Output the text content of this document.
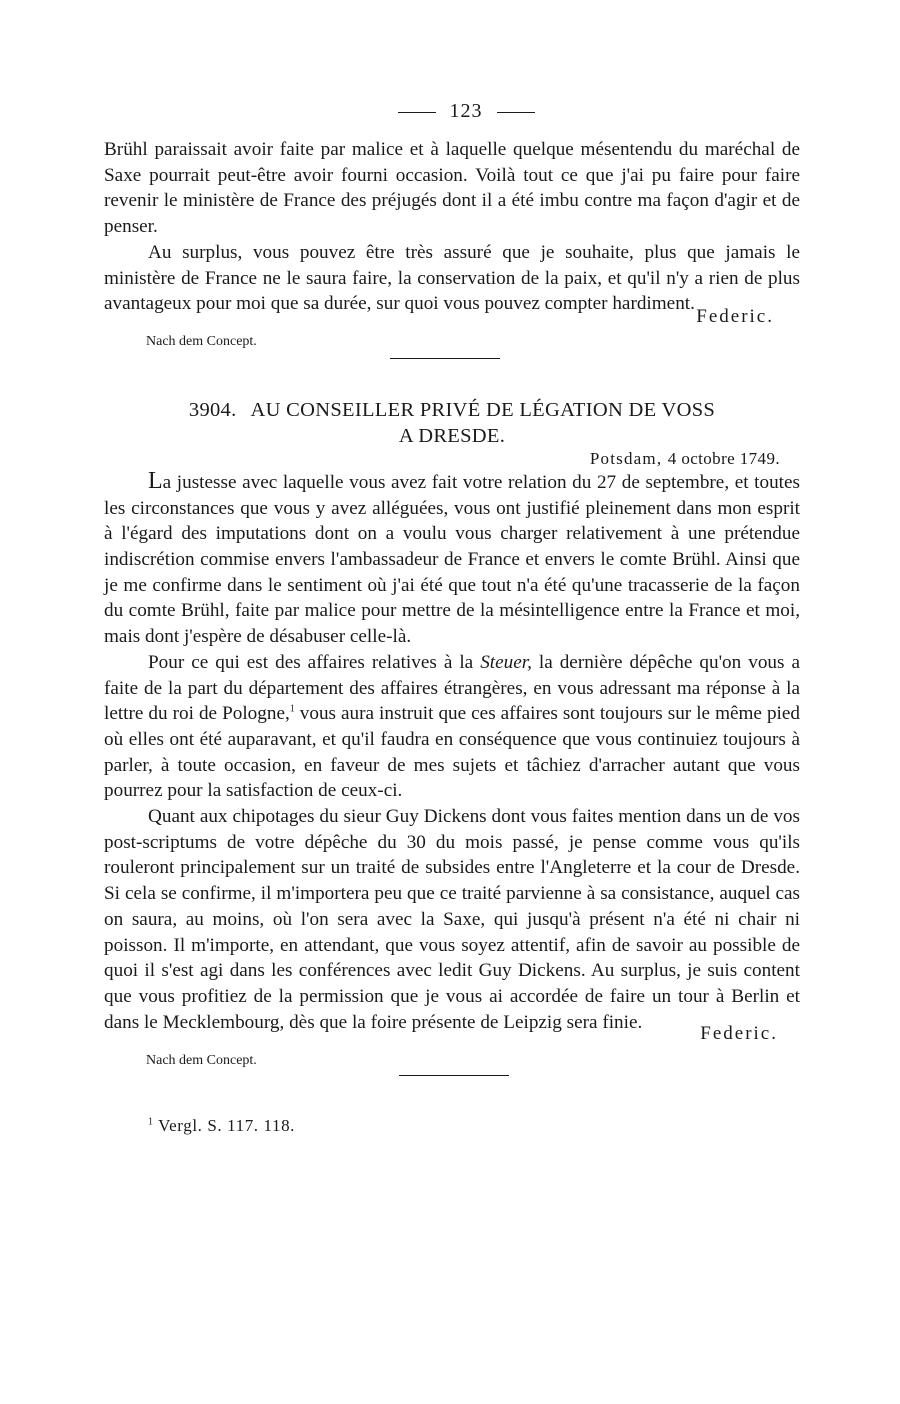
123

Brühl paraissait avoir faite par malice et à laquelle quelque mésentendu du maréchal de Saxe pourrait peut-être avoir fourni occasion. Voilà tout ce que j'ai pu faire pour faire revenir le ministère de France des préjugés dont il a été imbu contre ma façon d'agir et de penser.

Au surplus, vous pouvez être très assuré que je souhaite, plus que jamais le ministère de France ne le saura faire, la conservation de la paix, et qu'il n'y a rien de plus avantageux pour moi que sa durée, sur quoi vous pouvez compter hardiment.

Federic.
Nach dem Concept.
3904. AU CONSEILLER PRIVÉ DE LÉGATION DE VOSS
A DRESDE.
Potsdam, 4 octobre 1749.

La justesse avec laquelle vous avez fait votre relation du 27 de septembre, et toutes les circonstances que vous y avez alléguées, vous ont justifié pleinement dans mon esprit à l'égard des imputations dont on a voulu vous charger relativement à une prétendue indiscrétion commise envers l'ambassadeur de France et envers le comte Brühl. Ainsi que je me confirme dans le sentiment où j'ai été que tout n'a été qu'une tracasserie de la façon du comte Brühl, faite par malice pour mettre de la mésintelligence entre la France et moi, mais dont j'espère de désabuser celle-là.

Pour ce qui est des affaires relatives à la Steuer, la dernière dépêche qu'on vous a faite de la part du département des affaires étrangères, en vous adressant ma réponse à la lettre du roi de Pologne,$^1$ vous aura instruit que ces affaires sont toujours sur le même pied où elles ont été auparavant, et qu'il faudra en conséquence que vous continuiez toujours à parler, à toute occasion, en faveur de mes sujets et tâchiez d'arracher autant que vous pourrez pour la satisfaction de ceux-ci.

Quant aux chipotages du sieur Guy Dickens dont vous faites mention dans un de vos post-scriptums de votre dépêche du 30 du mois passé, je pense comme vous qu'ils rouleront principalement sur un traité de subsides entre l'Angleterre et la cour de Dresde. Si cela se confirme, il m'importera peu que ce traité parvienne à sa consistance, auquel cas on saura, au moins, où l'on sera avec la Saxe, qui jusqu'à présent n'a été ni chair ni poisson. Il m'importe, en attendant, que vous soyez attentif, afin de savoir au possible de quoi il s'est agi dans les conférences avec ledit Guy Dickens. Au surplus, je suis content que vous profitiez de la permission que je vous ai accordée de faire un tour à Berlin et dans le Mecklembourg, dès que la foire présente de Leipzig sera finie.

Federic.
Nach dem Concept.
$^1$ Vergl. S. 117. 118.
